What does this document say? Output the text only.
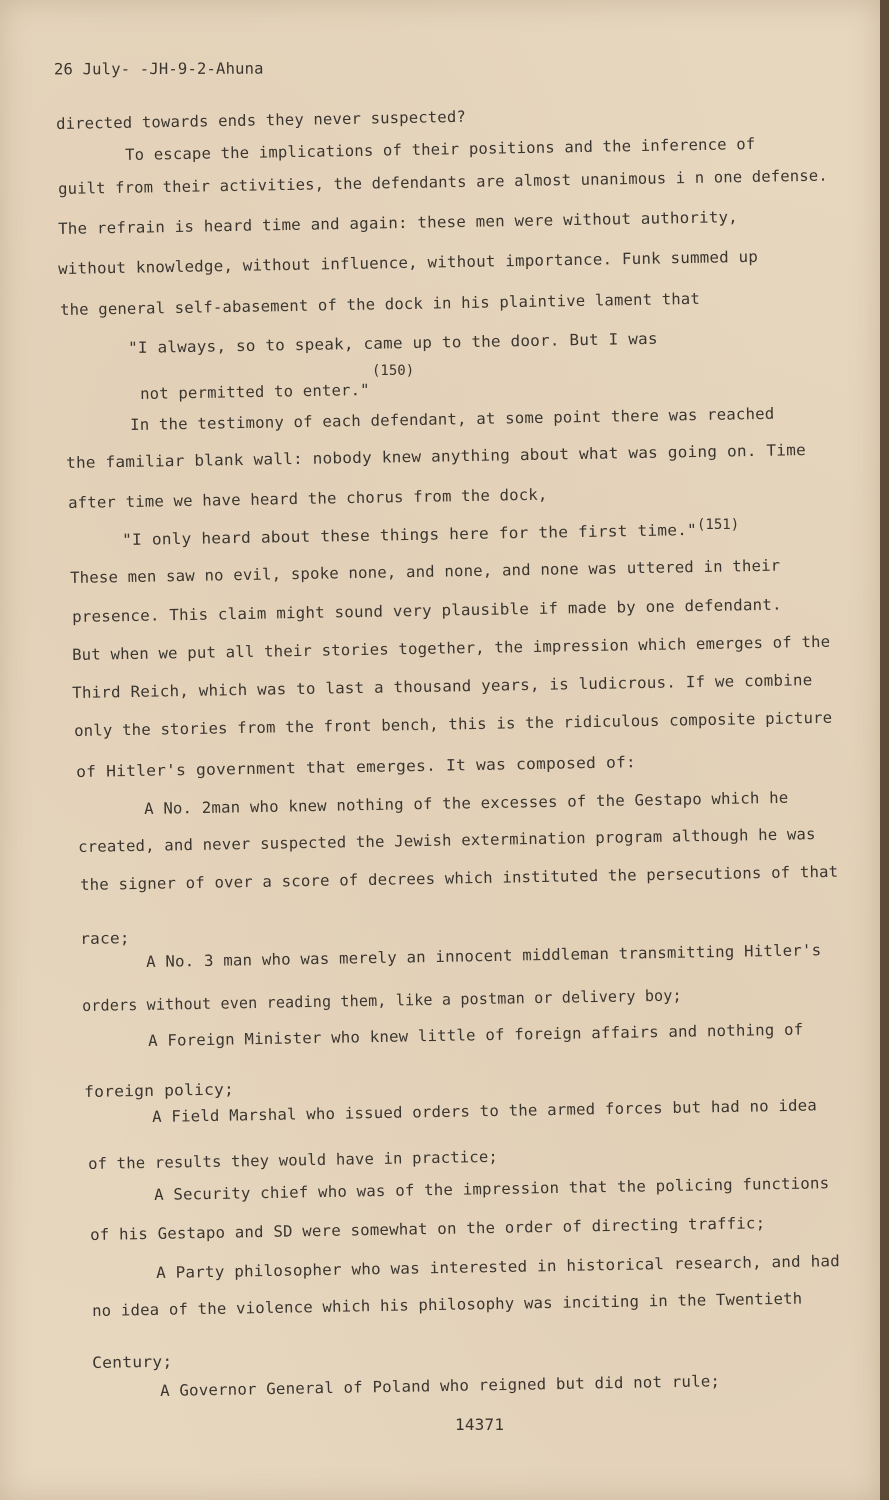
26 July- -JH-9-2-Ahuna
directed towards ends they never suspected?
To escape the implications of their positions and the inference of
guilt from their activities, the defendants are almost unanimous i n one defense.
The refrain is heard time and again: these men were without authority,
without knowledge, without influence, without importance. Funk summed up
the general self-abasement of the dock in his plaintive lament that
"I always, so to speak, came up to the door. But I was
(150)
not permitted to enter."
In the testimony of each defendant, at some point there was reached
the familiar blank wall: nobody knew anything about what was going on. Time
after time we have heard the chorus from the dock,
"I only heard about these things here for the first time." (151)
These men saw no evil, spoke none, and none, and none was uttered in their
presence. This claim might sound very plausible if made by one defendant.
But when we put all their stories together, the impression which emerges of the
Third Reich, which was to last a thousand years, is ludicrous. If we combine
only the stories from the front bench, this is the ridiculous composite picture
of Hitler's government that emerges. It was composed of:
A No. 2man who knew nothing of the excesses of the Gestapo which he
created, and never suspected the Jewish extermination program although he was
the signer of over a score of decrees which instituted the persecutions of that
race;
A No. 3 man who was merely an innocent middleman transmitting Hitler's
orders without even reading them, like a postman or delivery boy;
A Foreign Minister who knew little of foreign affairs and nothing of
foreign policy;
A Field Marshal who issued orders to the armed forces but had no idea
of the results they would have in practice;
A Security chief who was of the impression that the policing functions
of his Gestapo and SD were somewhat on the order of directing traffic;
A Party philosopher who was interested in historical research, and had
no idea of the violence which his philosophy was inciting in the Twentieth
Century;
A Governor General of Poland who reigned but did not rule;
14371
